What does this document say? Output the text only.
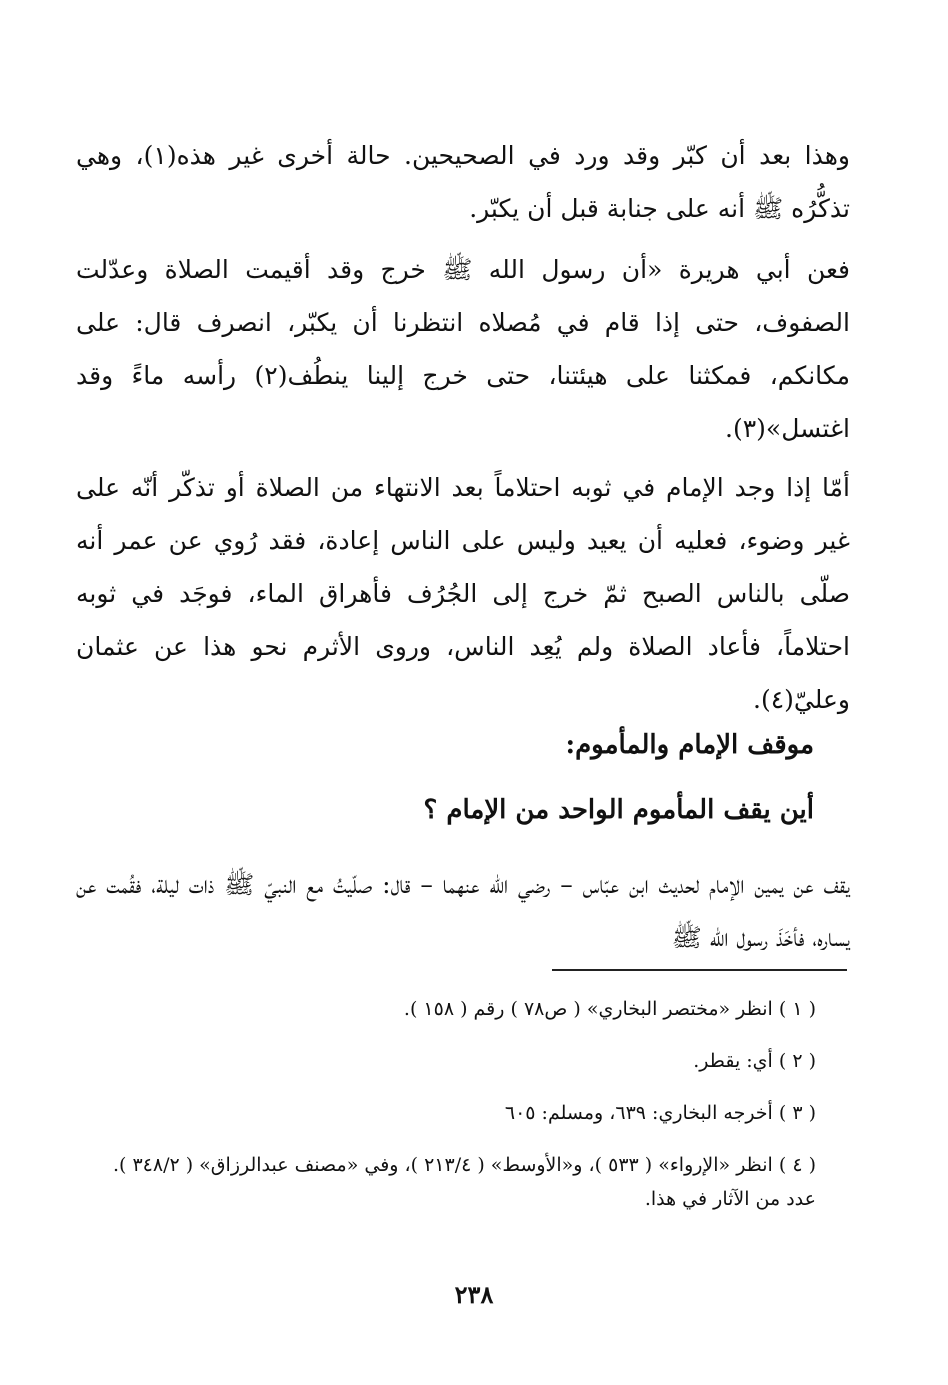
وهذا بعد أن كبّر وقد ورد في الصحيحين. حالة أخرى غير هذه(١)، وهي تذكُّرُه ﷺ أنه على جنابة قبل أن يكبّر.

فعن أبي هريرة «أن رسول الله ﷺ خرج وقد أقيمت الصلاة وعدّلت الصفوف، حتى إذا قام في مُصلاه انتظرنا أن يكبّر، انصرف قال: على مكانكم، فمكثنا على هيئتنا، حتى خرج إلينا ينطُف(٢) رأسه ماءً وقد اغتسل»(٣).

أمّا إذا وجد الإمام في ثوبه احتلاماً بعد الانتهاء من الصلاة أو تذكّر أنّه على غير وضوء، فعليه أن يعيد وليس على الناس إعادة، فقد رُوي عن عمر أنه صلّى بالناس الصبح ثمّ خرج إلى الجُرُف فأهراق الماء، فوجَد في ثوبه احتلاماً، فأعاد الصلاة ولم يُعِد الناس، وروى الأثرم نحو هذا عن عثمان وعليّ(٤).

موقف الإمام والمأموم:
أين يقف المأموم الواحد من الإمام ؟

يقف عن يمين الإمام لحديث ابن عبّاس – رضي الله عنهما – قال: صلّيتُ مع النبيّ ﷺ ذات ليلة، فقُمت عن يساره، فأخَذَ رسول الله ﷺ

( ١ ) انظر «مختصر البخاري» ( ص٧٨ ) رقم ( ١٥٨ ).

( ٢ ) أي: يقطر.

( ٣ ) أخرجه البخاري: ٦٣٩، ومسلم: ٦٠٥

( ٤ ) انظر «الإرواء» ( ٥٣٣ )، و«الأوسط» ( ٢١٣/٤ )، وفي «مصنف عبدالرزاق» ( ٣٤٨/٢ ). عدد من الآثار في هذا.

٢٣٨
